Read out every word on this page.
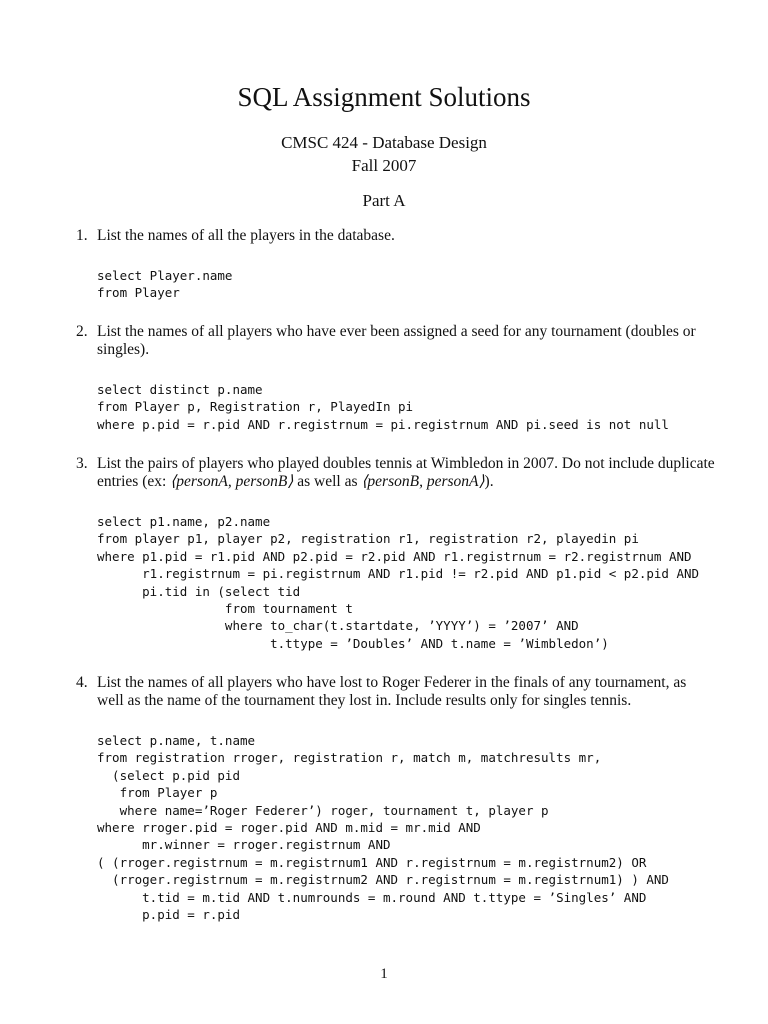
SQL Assignment Solutions
CMSC 424 - Database Design
Fall 2007
Part A
1. List the names of all the players in the database.
select Player.name
from Player
2. List the names of all players who have ever been assigned a seed for any tournament (doubles or singles).
select distinct p.name
from Player p, Registration r, PlayedIn pi
where p.pid = r.pid AND r.registrnum = pi.registrnum AND pi.seed is not null
3. List the pairs of players who played doubles tennis at Wimbledon in 2007. Do not include duplicate entries (ex: ⟨personA, personB⟩ as well as ⟨personB, personA⟩).
select p1.name, p2.name
from player p1, player p2, registration r1, registration r2, playedin pi
where p1.pid = r1.pid AND p2.pid = r2.pid AND r1.registrnum = r2.registrnum AND
r1.registrnum = pi.registrnum AND r1.pid != r2.pid AND p1.pid < p2.pid AND
pi.tid in (select tid
from tournament t
where to_char(t.startdate, ’YYYY’) = ’2007’ AND
t.ttype = ’Doubles’ AND t.name = ’Wimbledon’)
4. List the names of all players who have lost to Roger Federer in the finals of any tournament, as well as the name of the tournament they lost in. Include results only for singles tennis.
select p.name, t.name
from registration rroger, registration r, match m, matchresults mr,
(select p.pid pid
from Player p
where name=’Roger Federer’) roger, tournament t, player p
where rroger.pid = roger.pid AND m.mid = mr.mid AND
mr.winner = rroger.registrnum AND
( (rroger.registrnum = m.registrnum1 AND r.registrnum = m.registrnum2) OR
(rroger.registrnum = m.registrnum2 AND r.registrnum = m.registrnum1) ) AND
t.tid = m.tid AND t.numrounds = m.round AND t.ttype = ’Singles’ AND
p.pid = r.pid
1
